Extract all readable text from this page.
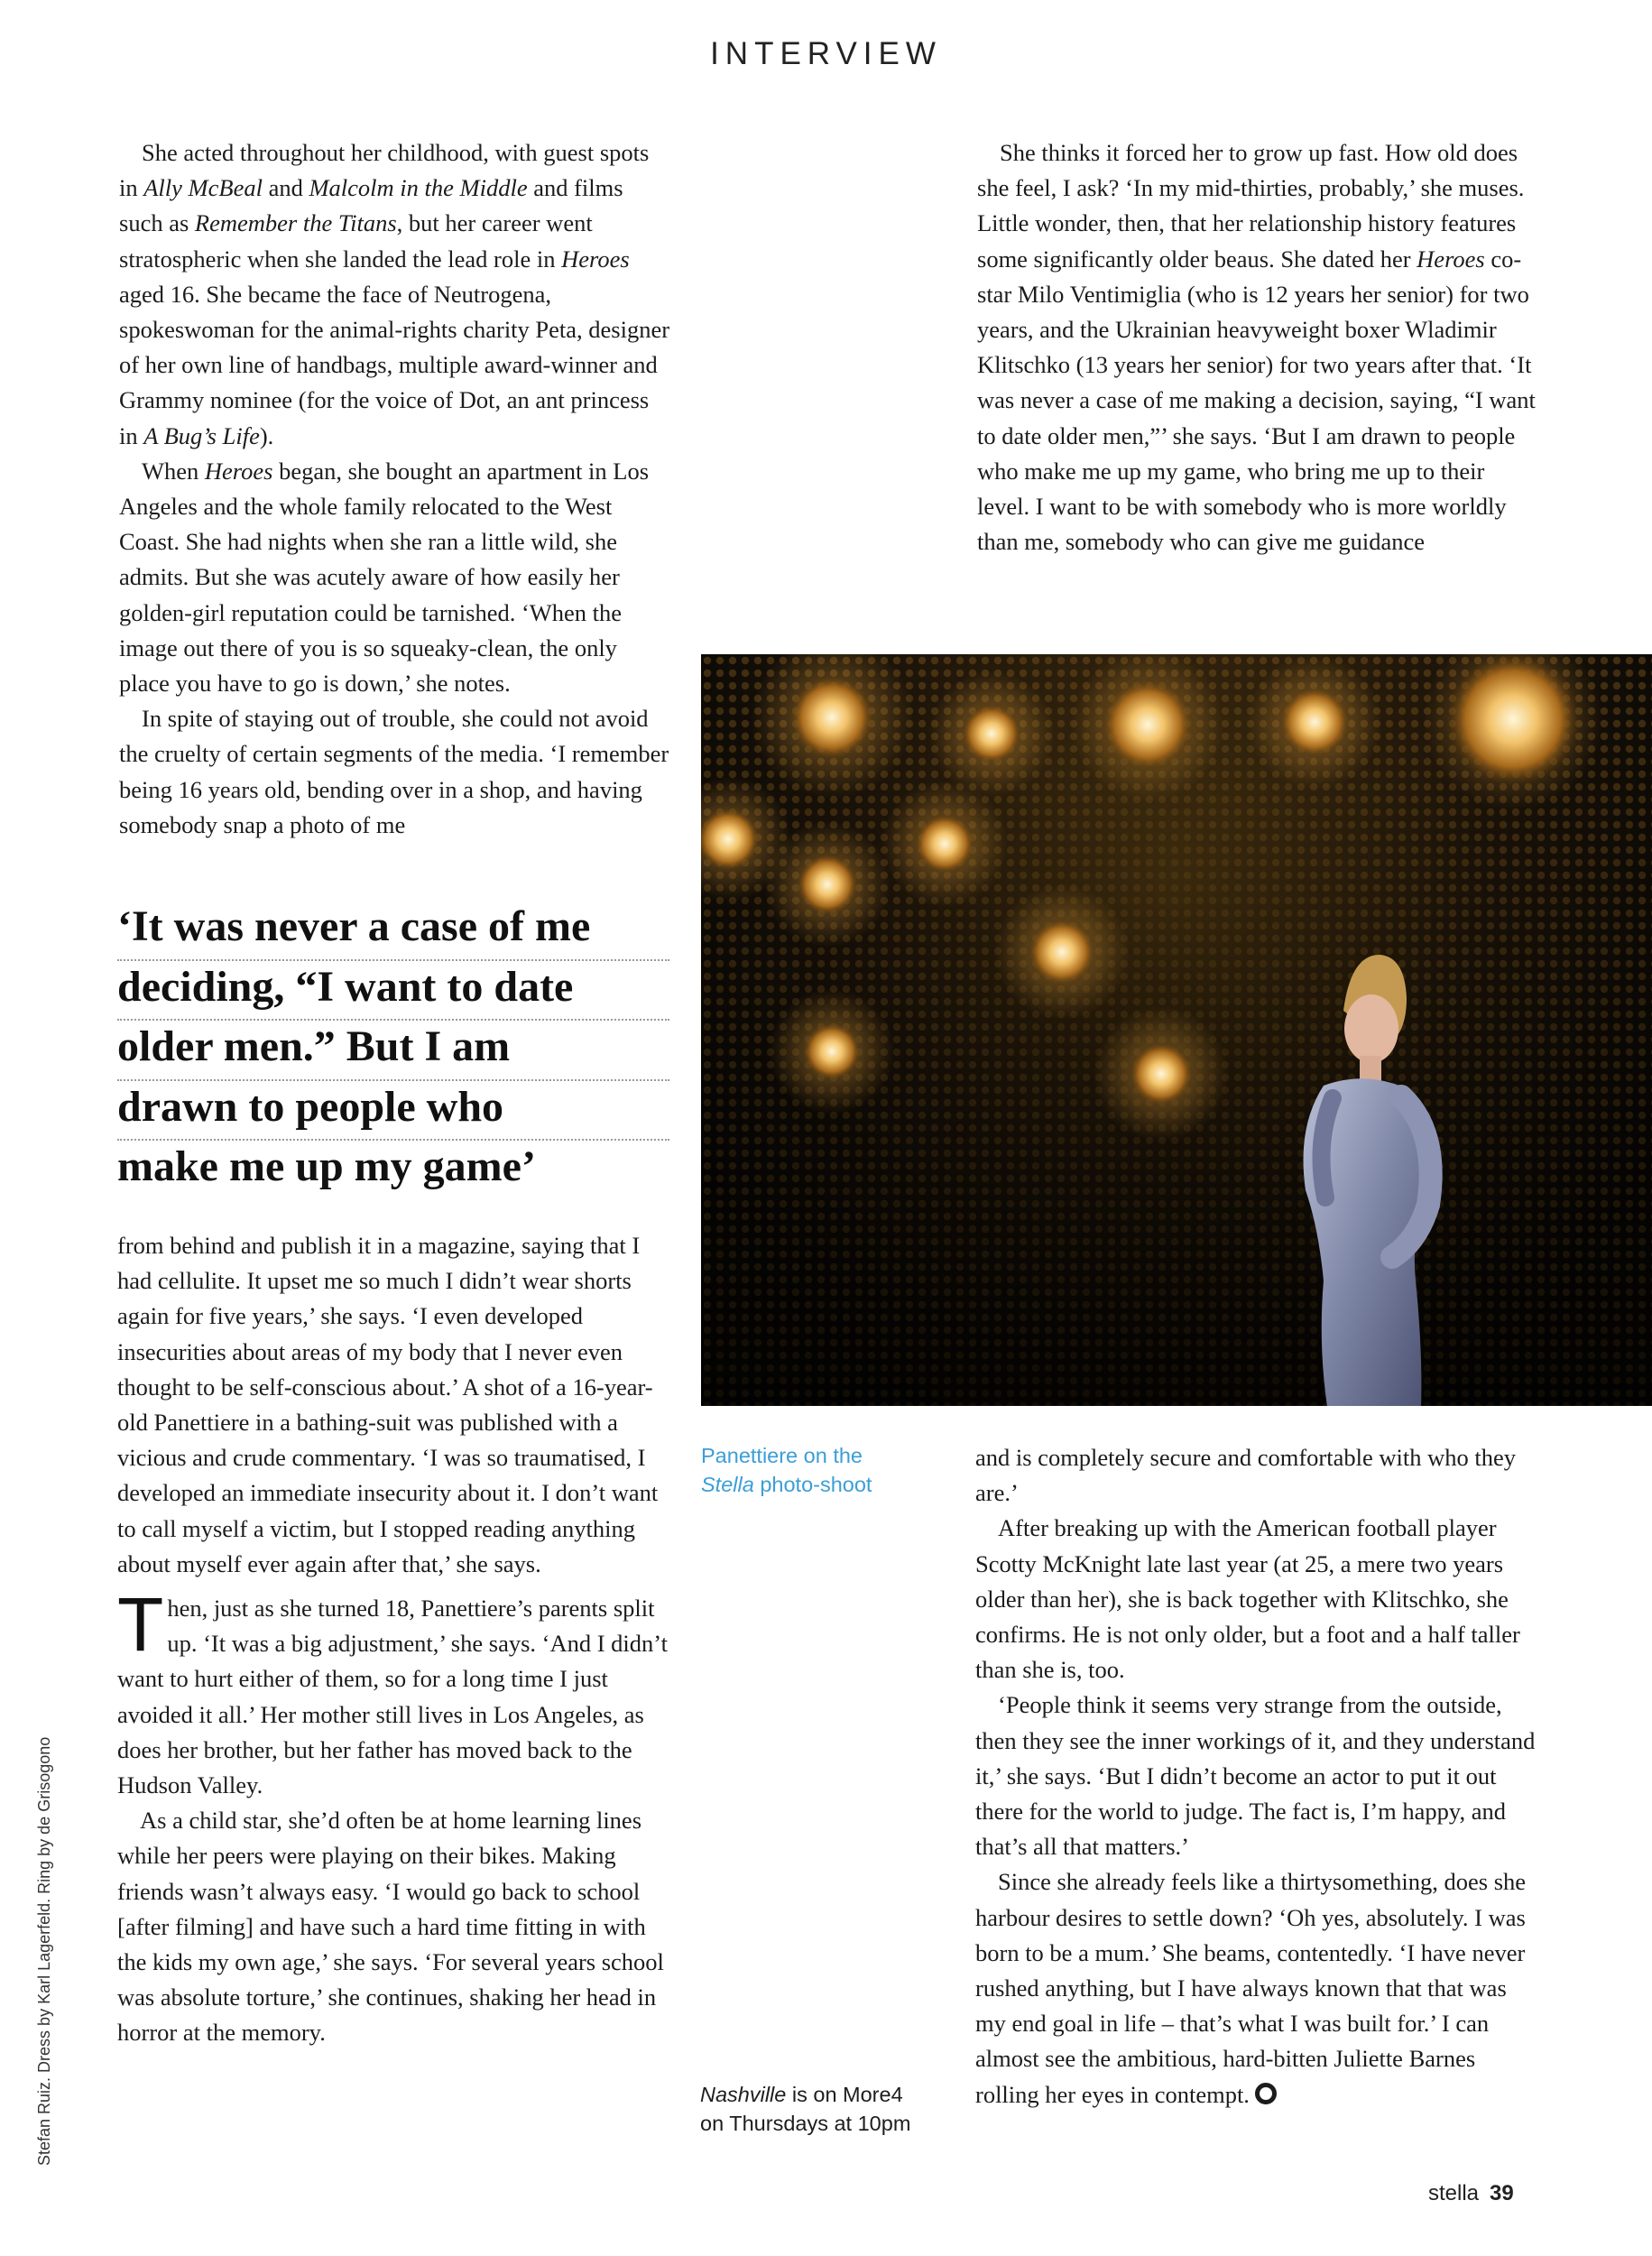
INTERVIEW

She acted throughout her childhood, with guest spots in Ally McBeal and Malcolm in the Middle and films such as Remember the Titans, but her career went stratospheric when she landed the lead role in Heroes aged 16. She became the face of Neutrogena, spokeswoman for the animal-rights charity Peta, designer of her own line of handbags, multiple award-winner and Grammy nominee (for the voice of Dot, an ant princess in A Bug’s Life).

When Heroes began, she bought an apartment in Los Angeles and the whole family relocated to the West Coast. She had nights when she ran a little wild, she admits. But she was acutely aware of how easily her golden-girl reputation could be tarnished. ‘When the image out there of you is so squeaky-clean, the only place you have to go is down,’ she notes.

In spite of staying out of trouble, she could not avoid the cruelty of certain segments of the media. ‘I remember being 16 years old, bending over in a shop, and having somebody snap a photo of me

‘It was never a case of me
deciding, “I want to date
older men.” But I am
drawn to people who
make me up my game’

from behind and publish it in a magazine, saying that I had cellulite. It upset me so much I didn’t wear shorts again for five years,’ she says. ‘I even developed insecurities about areas of my body that I never even thought to be self-conscious about.’ A shot of a 16-year-old Panettiere in a bathing-suit was published with a vicious and crude commentary. ‘I was so traumatised, I developed an immediate insecurity about it. I don’t want to call myself a victim, but I stopped reading anything about myself ever again after that,’ she says.

Then, just as she turned 18, Panettiere’s parents split up. ‘It was a big adjustment,’ she says. ‘And I didn’t want to hurt either of them, so for a long time I just avoided it all.’ Her mother still lives in Los Angeles, as does her brother, but her father has moved back to the Hudson Valley.

As a child star, she’d often be at home learning lines while her peers were playing on their bikes. Making friends wasn’t always easy. ‘I would go back to school [after filming] and have such a hard time fitting in with the kids my own age,’ she says. ‘For several years school was absolute torture,’ she continues, shaking her head in horror at the memory.

She thinks it forced her to grow up fast. How old does she feel, I ask? ‘In my mid-thirties, probably,’ she muses. Little wonder, then, that her relationship history features some significantly older beaus. She dated her Heroes co-star Milo Ventimiglia (who is 12 years her senior) for two years, and the Ukrainian heavyweight boxer Wladimir Klitschko (13 years her senior) for two years after that. ‘It was never a case of me making a decision, saying, “I want to date older men,”’ she says. ‘But I am drawn to people who make me up my game, who bring me up to their level. I want to be with somebody who is more worldly than me, somebody who can give me guidance

Panettiere on the
Stella photo-shoot

and is completely secure and comfortable with who they are.’

After breaking up with the American football player Scotty McKnight late last year (at 25, a mere two years older than her), she is back together with Klitschko, she confirms. He is not only older, but a foot and a half taller than she is, too.

‘People think it seems very strange from the outside, then they see the inner workings of it, and they understand it,’ she says. ‘But I didn’t become an actor to put it out there for the world to judge. The fact is, I’m happy, and that’s all that matters.’

Since she already feels like a thirtysomething, does she harbour desires to settle down? ‘Oh yes, absolutely. I was born to be a mum.’ She beams, contentedly. ‘I have never rushed anything, but I have always known that that was my end goal in life – that’s what I was built for.’ I can almost see the ambitious, hard-bitten Juliette Barnes rolling her eyes in contempt.

Nashville is on More4
on Thursdays at 10pm
Stefan Ruiz. Dress by Karl Lagerfeld. Ring by de Grisogono
stella 39
